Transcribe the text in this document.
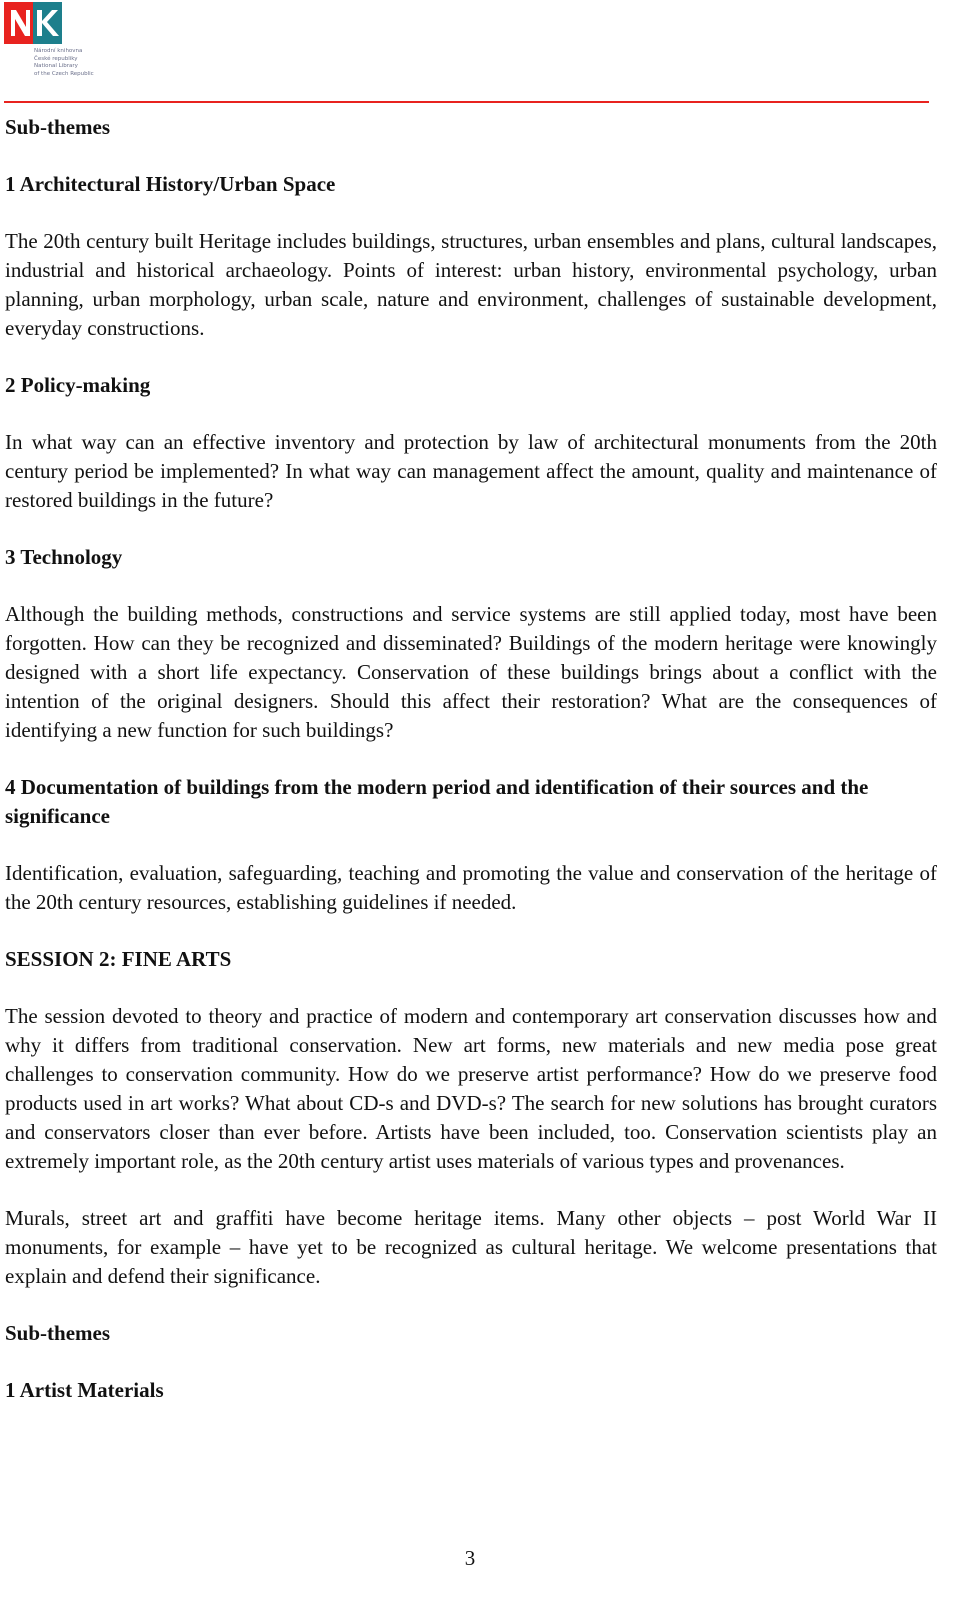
Národní knihovna
České republiky
National Library
of the Czech Republic

Sub-themes

1 Architectural History/Urban Space

The 20th century built Heritage includes buildings, structures, urban ensembles and plans, cultural landscapes, industrial and historical archaeology. Points of interest: urban history, environmental psychology, urban planning, urban morphology, urban scale, nature and environment, challenges of sustainable development, everyday constructions.

2 Policy-making

In what way can an effective inventory and protection by law of architectural monuments from the 20th century period be implemented? In what way can management affect the amount, quality and maintenance of restored buildings in the future?

3 Technology

Although the building methods, constructions and service systems are still applied today, most have been forgotten. How can they be recognized and disseminated? Buildings of the modern heritage were knowingly designed with a short life expectancy. Conservation of these buildings brings about a conflict with the intention of the original designers. Should this affect their restoration? What are the consequences of identifying a new function for such buildings?

4 Documentation of buildings from the modern period and identification of their sources and the significance

Identification, evaluation, safeguarding, teaching and promoting the value and conservation of the heritage of the 20th century resources, establishing guidelines if needed.

SESSION 2: FINE ARTS

The session devoted to theory and practice of modern and contemporary art conservation discusses how and why it differs from traditional conservation. New art forms, new materials and new media pose great challenges to conservation community. How do we preserve artist performance? How do we preserve food products used in art works? What about CD-s and DVD-s? The search for new solutions has brought curators and conservators closer than ever before. Artists have been included, too. Conservation scientists play an extremely important role, as the 20th century artist uses materials of various types and provenances.

Murals, street art and graffiti have become heritage items. Many other objects – post World War II monuments, for example – have yet to be recognized as cultural heritage. We welcome presentations that explain and defend their significance.

Sub-themes

1 Artist Materials

3
